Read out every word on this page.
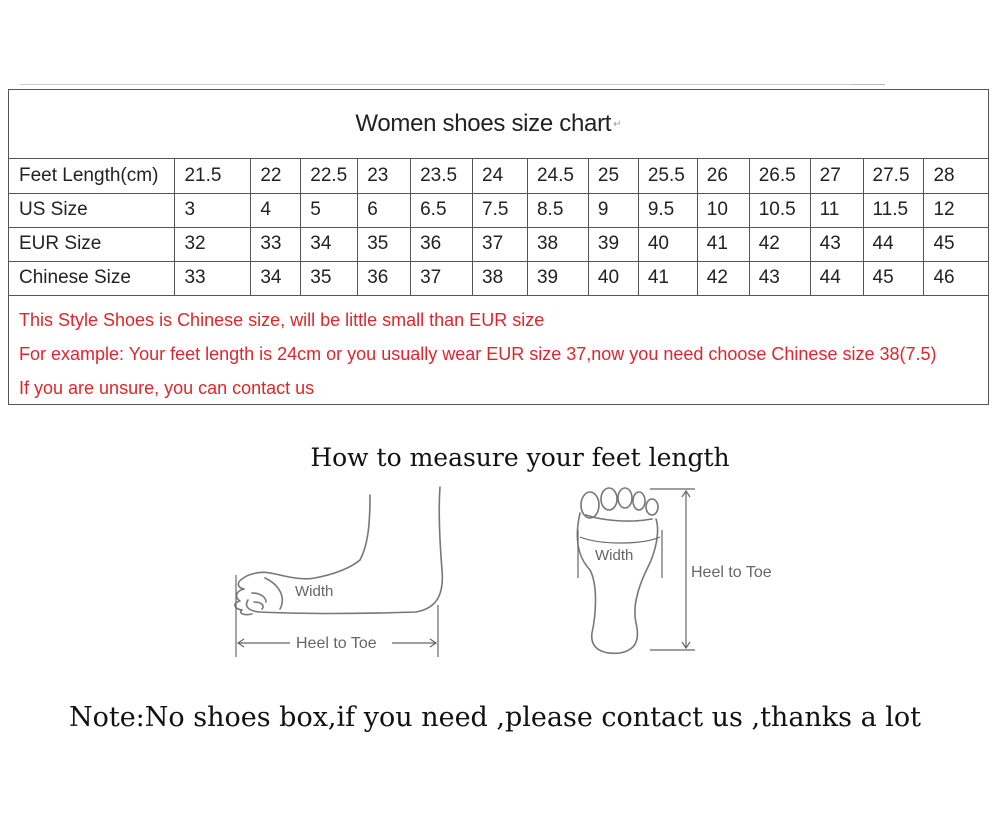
Women shoes size chart ↵
Feet Length(cm)	21.5	22	22.5	23	23.5	24	24.5	25	25.5	26	26.5	27	27.5	28
US Size	3	4	5	6	6.5	7.5	8.5	9	9.5	10	10.5	11	11.5	12
EUR Size	32	33	34	35	36	37	38	39	40	41	42	43	44	45
Chinese Size	33	34	35	36	37	38	39	40	41	42	43	44	45	46
This Style Shoes is Chinese size, will be little small than EUR size
For example: Your feet length is 24cm or you usually wear EUR size 37,now you need choose Chinese size 38(7.5)
If you are unsure, you can contact us
How to measure your feet length
Width
Heel to Toe
Width
Heel to Toe
Note:No shoes box,if you need ,please contact us ,thanks a lot
